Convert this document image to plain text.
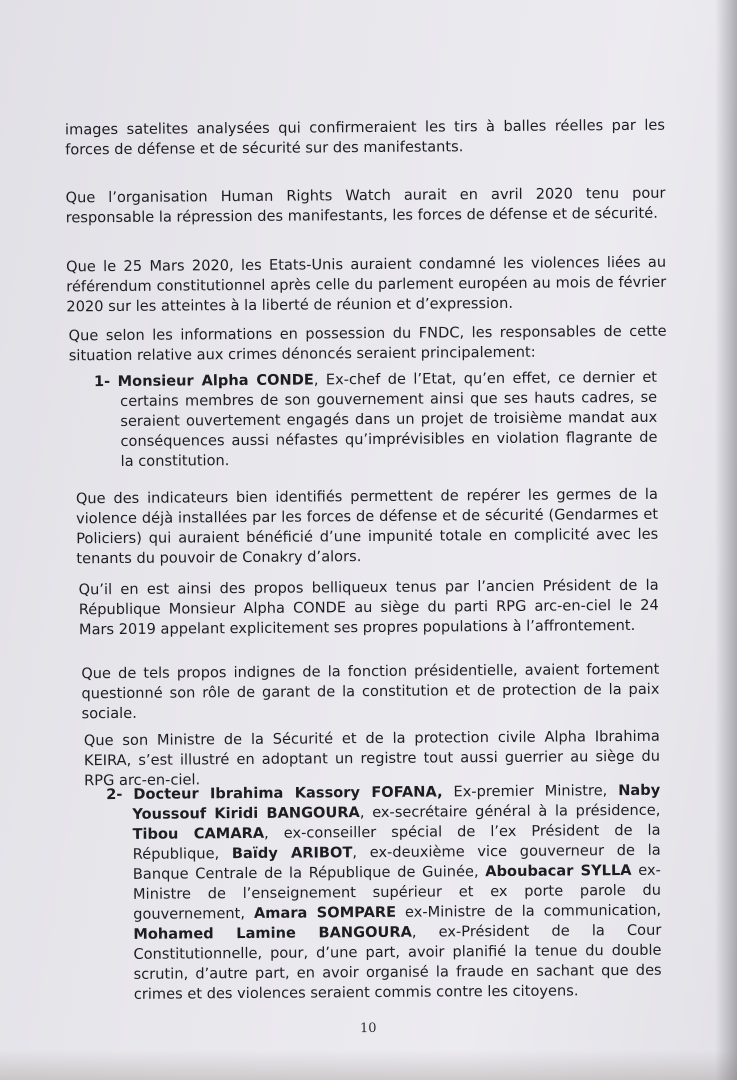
images satelites analysées qui confirmeraient les tirs à balles réelles par les forces de défense et de sécurité sur des manifestants.

Que l’organisation Human Rights Watch aurait en avril 2020 tenu pour responsable la répression des manifestants, les forces de défense et de sécurité.

Que le 25 Mars 2020, les Etats-Unis auraient condamné les violences liées au référendum constitutionnel après celle du parlement européen au mois de février 2020 sur les atteintes à la liberté de réunion et d’expression.

Que selon les informations en possession du FNDC, les responsables de cette situation relative aux crimes dénoncés seraient principalement:

1- Monsieur Alpha CONDE, Ex-chef de l’Etat, qu’en effet, ce dernier et certains membres de son gouvernement ainsi que ses hauts cadres, se seraient ouvertement engagés dans un projet de troisième mandat aux conséquences aussi néfastes qu’imprévisibles en violation flagrante de la constitution.

Que des indicateurs bien identifiés permettent de repérer les germes de la violence déjà installées par les forces de défense et de sécurité (Gendarmes et Policiers) qui auraient bénéficié d’une impunité totale en complicité avec les tenants du pouvoir de Conakry d’alors.

Qu’il en est ainsi des propos belliqueux tenus par l’ancien Président de la République Monsieur Alpha CONDE au siège du parti RPG arc-en-ciel le 24 Mars 2019 appelant explicitement ses propres populations à l’affrontement.

Que de tels propos indignes de la fonction présidentielle, avaient fortement questionné son rôle de garant de la constitution et de protection de la paix sociale.

Que son Ministre de la Sécurité et de la protection civile Alpha Ibrahima KEIRA, s’est illustré en adoptant un registre tout aussi guerrier au siège du RPG arc-en-ciel.

2- Docteur Ibrahima Kassory FOFANA, Ex-premier Ministre, Naby Youssouf Kiridi BANGOURA, ex-secrétaire général à la présidence, Tibou CAMARA, ex-conseiller spécial de l’ex Président de la République, Baïdy ARIBOT, ex-deuxième vice gouverneur de la Banque Centrale de la République de Guinée, Aboubacar SYLLA ex-Ministre de l’enseignement supérieur et ex porte parole du gouvernement, Amara SOMPARE ex-Ministre de la communication, Mohamed Lamine BANGOURA, ex-Président de la Cour Constitutionnelle, pour, d’une part, avoir planifié la tenue du double scrutin, d’autre part, en avoir organisé la fraude en sachant que des crimes et des violences seraient commis contre les citoyens.
10
